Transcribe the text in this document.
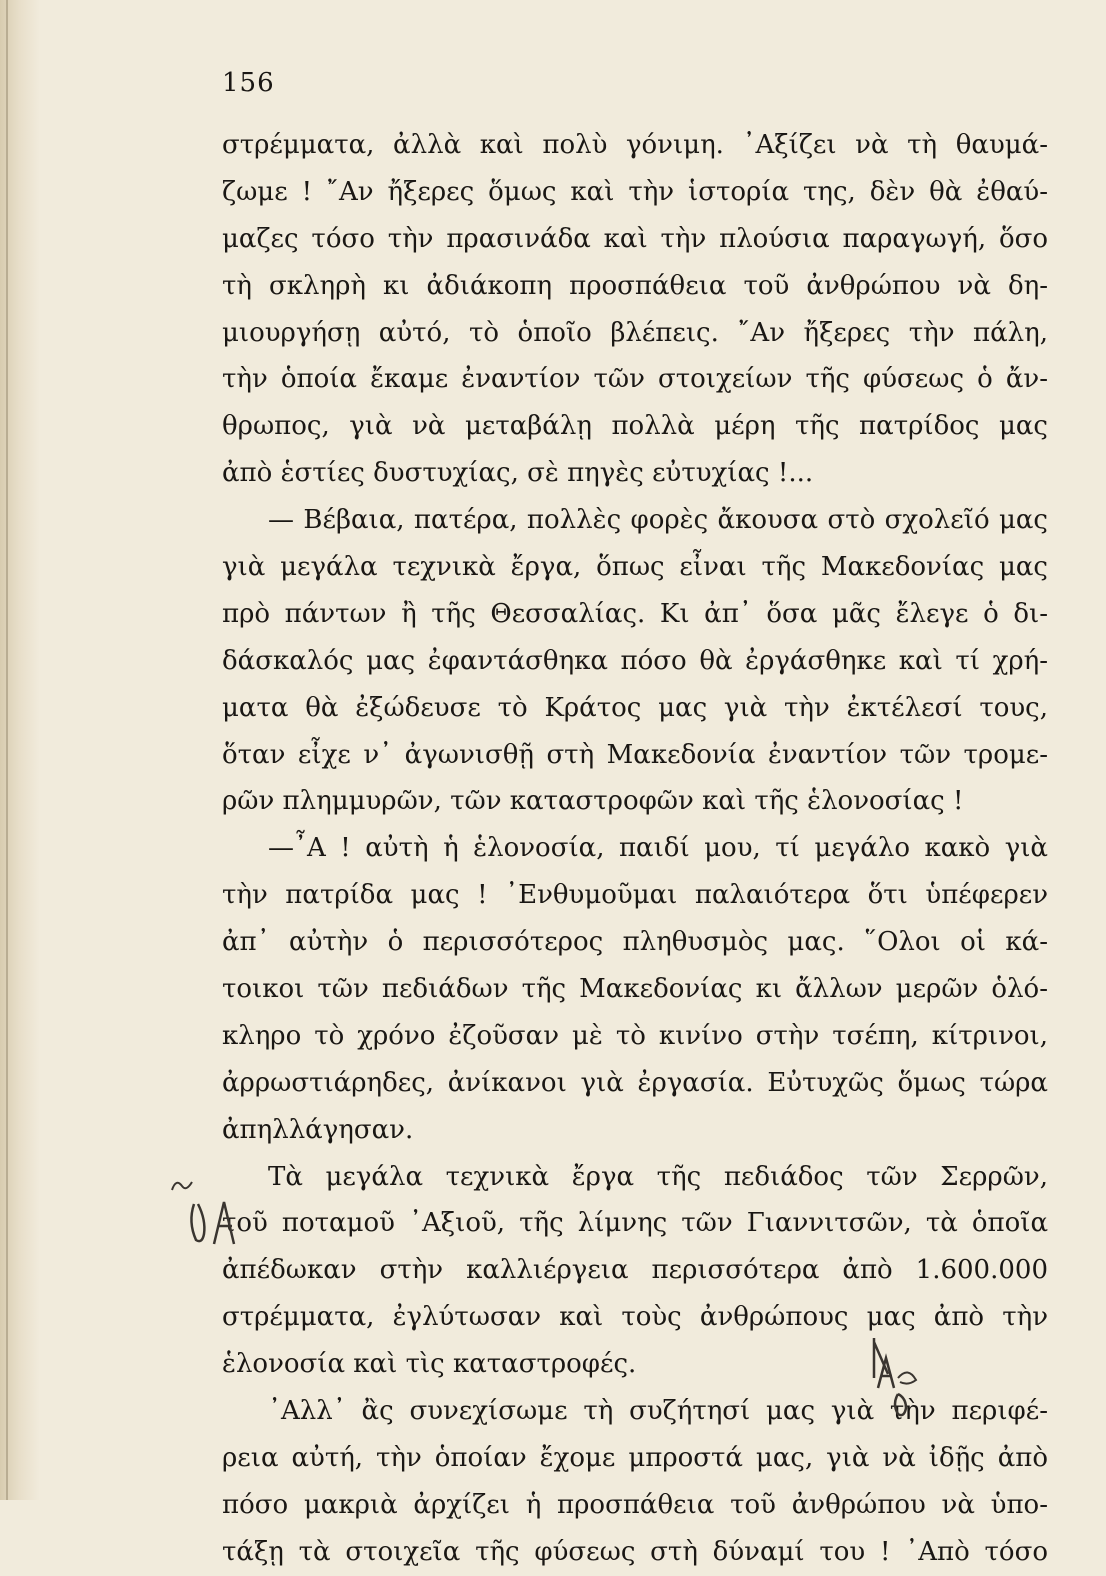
156
στρέμματα, ἀλλὰ καὶ πολὺ γόνιμη. ᾽Αξίζει νὰ τὴ θαυμά-
ζωμε ! ῎Αν ἤξερες ὅμως καὶ τὴν ἱστορία της, δὲν θὰ ἐθαύ-
μαζες τόσο τὴν πρασινάδα καὶ τὴν πλούσια παραγωγή, ὅσο
τὴ σκληρὴ κι ἀδιάκοπη προσπάθεια τοῦ ἀνθρώπου νὰ δη-
μιουργήσῃ αὐτό, τὸ ὁποῖο βλέπεις. ῎Αν ἤξερες τὴν πάλη,
τὴν ὁποία ἔκαμε ἐναντίον τῶν στοιχείων τῆς φύσεως ὁ ἄν-
θρωπος, γιὰ νὰ μεταβάλῃ πολλὰ μέρη τῆς πατρίδος μας
ἀπὸ ἑστίες δυστυχίας, σὲ πηγὲς εὐτυχίας !...
— Βέβαια, πατέρα, πολλὲς φορὲς ἄκουσα στὸ σχολεῖό μας
γιὰ μεγάλα τεχνικὰ ἔργα, ὅπως εἶναι τῆς Μακεδονίας μας
πρὸ πάντων ἢ τῆς Θεσσαλίας. Κι ἀπ᾽ ὅσα μᾶς ἔλεγε ὁ δι-
δάσκαλός μας ἐφαντάσθηκα πόσο θὰ ἐργάσθηκε καὶ τί χρή-
ματα θὰ ἐξώδευσε τὸ Κράτος μας γιὰ τὴν ἐκτέλεσί τους,
ὅταν εἶχε ν᾽ ἀγωνισθῇ στὴ Μακεδονία ἐναντίον τῶν τρομε-
ρῶν πλημμυρῶν, τῶν καταστροφῶν καὶ τῆς ἑλονοσίας !
—῏Α ! αὐτὴ ἡ ἑλονοσία, παιδί μου, τί μεγάλο κακὸ γιὰ
τὴν πατρίδα μας ! ᾽Ενθυμοῦμαι παλαιότερα ὅτι ὑπέφερεν
ἀπ᾽ αὐτὴν ὁ περισσότερος πληθυσμὸς μας. ῞Ολοι οἱ κά-
τοικοι τῶν πεδιάδων τῆς Μακεδονίας κι ἄλλων μερῶν ὁλό-
κληρο τὸ χρόνο ἐζοῦσαν μὲ τὸ κινίνο στὴν τσέπη, κίτρινοι,
ἀρρωστιάρηδες, ἀνίκανοι γιὰ ἐργασία. Εὐτυχῶς ὅμως τώρα
ἀπηλλάγησαν.
Τὰ μεγάλα τεχνικὰ ἔργα τῆς πεδιάδος τῶν Σερρῶν,
τοῦ ποταμοῦ ᾽Αξιοῦ, τῆς λίμνης τῶν Γιαννιτσῶν, τὰ ὁποῖα
ἀπέδωκαν στὴν καλλιέργεια περισσότερα ἀπὸ 1.600.000
στρέμματα, ἐγλύτωσαν καὶ τοὺς ἀνθρώπους μας ἀπὸ τὴν
ἑλονοσία καὶ τὶς καταστροφές.
᾽Αλλ᾽ ἂς συνεχίσωμε τὴ συζήτησί μας γιὰ τὴν περιφέ-
ρεια αὐτή, τὴν ὁποίαν ἔχομε μπροστά μας, γιὰ νὰ ἰδῇς ἀπὸ
πόσο μακριὰ ἀρχίζει ἡ προσπάθεια τοῦ ἀνθρώπου νὰ ὑπο-
τάξῃ τὰ στοιχεῖα τῆς φύσεως στὴ δύναμί του ! ᾽Απὸ τόσο
